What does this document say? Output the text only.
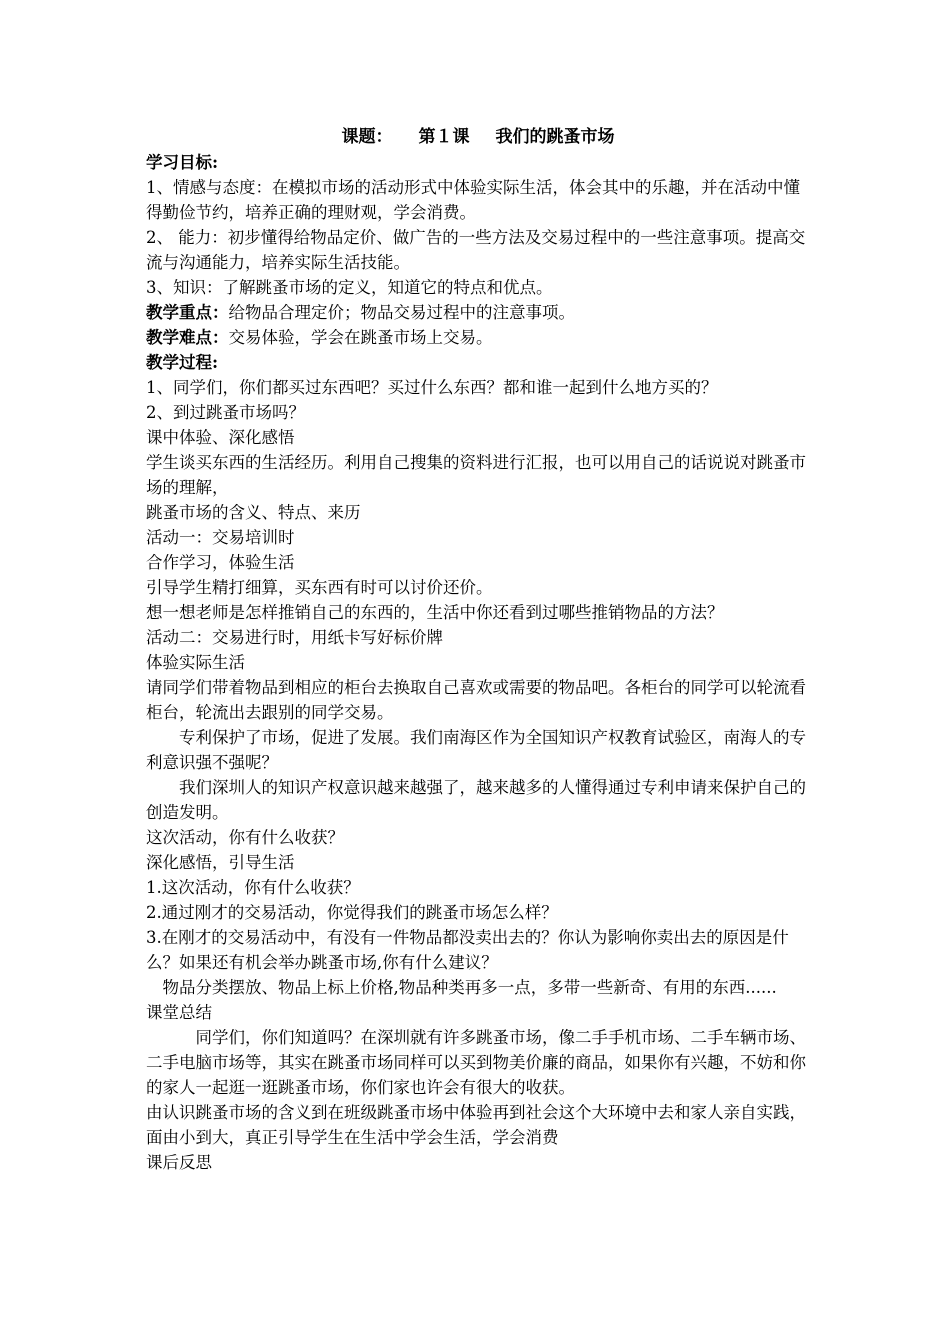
课题： 第１课 我们的跳蚤市场

学习目标:

1、情感与态度：在模拟市场的活动形式中体验实际生活，体会其中的乐趣，并在活动中懂得勤俭节约，培养正确的理财观，学会消费。

2、 能力：初步懂得给物品定价、做广告的一些方法及交易过程中的一些注意事项。提高交流与沟通能力，培养实际生活技能。

3、知识：了解跳蚤市场的定义，知道它的特点和优点。

教学重点：给物品合理定价；物品交易过程中的注意事项。

教学难点：交易体验，学会在跳蚤市场上交易。

教学过程:

1、同学们，你们都买过东西吧？买过什么东西？都和谁一起到什么地方买的？

2、到过跳蚤市场吗？

课中体验、深化感悟

学生谈买东西的生活经历。利用自己搜集的资料进行汇报，也可以用自己的话说说对跳蚤市场的理解，

跳蚤市场的含义、特点、来历

活动一：交易培训时

合作学习，体验生活

引导学生精打细算，买东西有时可以讨价还价。

想一想老师是怎样推销自己的东西的，生活中你还看到过哪些推销物品的方法？

活动二：交易进行时，用纸卡写好标价牌

体验实际生活

请同学们带着物品到相应的柜台去换取自己喜欢或需要的物品吧。各柜台的同学可以轮流看柜台，轮流出去跟别的同学交易。

专利保护了市场，促进了发展。我们南海区作为全国知识产权教育试验区，南海人的专利意识强不强呢？

我们深圳人的知识产权意识越来越强了，越来越多的人懂得通过专利申请来保护自己的创造发明。

这次活动，你有什么收获？

深化感悟，引导生活

1.这次活动，你有什么收获？

2.通过刚才的交易活动，你觉得我们的跳蚤市场怎么样？

3.在刚才的交易活动中，有没有一件物品都没卖出去的？你认为影响你卖出去的原因是什么？如果还有机会举办跳蚤市场,你有什么建议？

物品分类摆放、物品上标上价格,物品种类再多一点，多带一些新奇、有用的东西......

课堂总结

同学们，你们知道吗？在深圳就有许多跳蚤市场，像二手手机市场、二手车辆市场、二手电脑市场等，其实在跳蚤市场同样可以买到物美价廉的商品，如果你有兴趣，不妨和你的家人一起逛一逛跳蚤市场，你们家也许会有很大的收获。

由认识跳蚤市场的含义到在班级跳蚤市场中体验再到社会这个大环境中去和家人亲自实践，面由小到大，真正引导学生在生活中学会生活，学会消费

课后反思
